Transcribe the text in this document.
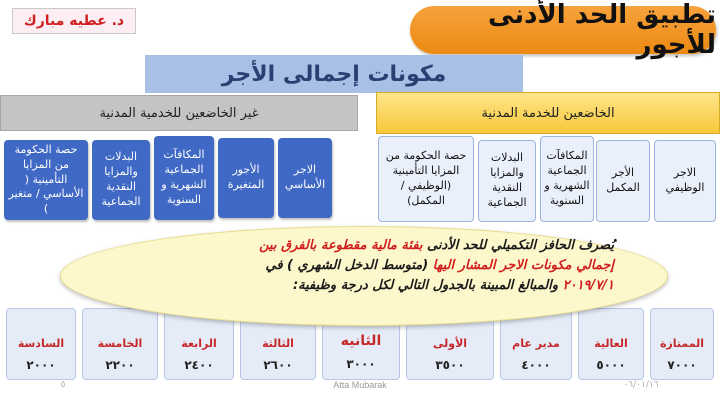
تطبيق الحد الأدنى للأجور
د. عطيه مبارك
مكونات إجمالى الأجر
غير الخاضعين للخدمية المدنية	الخاضعين للخدمة المدنية
الاجر الوظيفي
الأجر المكمل
المكافآت الجماعية الشهرية و السنوية
البدلات والمزايا النقدية الجماعية
حصة الحكومة من المزايا التأمينية (الوظيفي / المكمل)
الاجر الأساسي
الأجور المتغيرة
المكافآت الجماعية الشهرية و السنوية
البدلات والمزايا النقدية الجماعية
حصة الحكومة من المزايا التأمينية ( الأساسي / متغير )
الممتازة
٧٠٠٠
العالية
٥٠٠٠
مدير عام
٤٠٠٠
الأولى
٣٥٠٠
الثانيه
٣٠٠٠
الثالثة
٢٦٠٠
الرابعة
٢٤٠٠
الخامسة
٢٢٠٠
السادسة
٢٠٠٠
يُصرف الحافز التكميلي للحد الأدنى بفئة مالية مقطوعة بالفرق بين
إجمالي مكونات الاجر المشار اليها (متوسط الدخل الشهري ) في
٢٠١٩/٧/١ والمبالغ المبينة بالجدول التالي لكل درجة وظيفية:
Atta Mubarak	٠٦/٠١/١٦
٥
